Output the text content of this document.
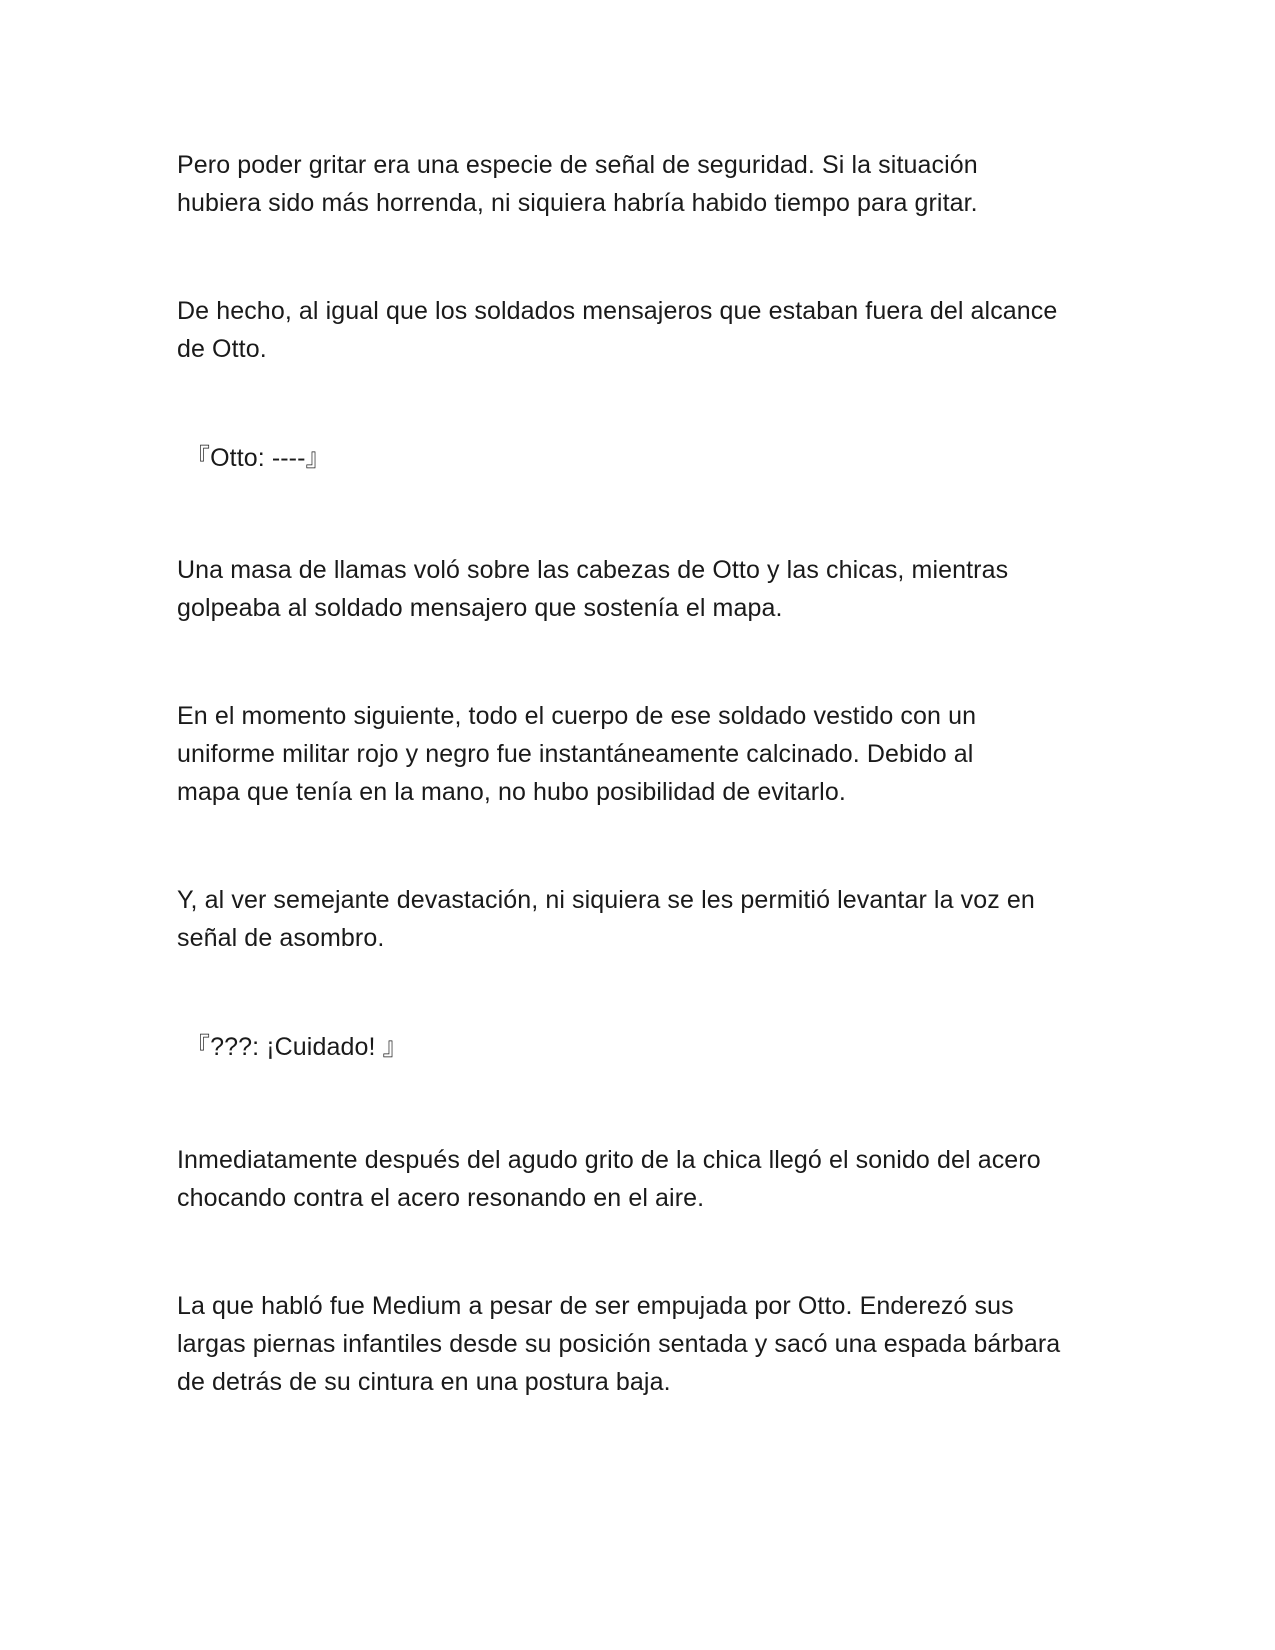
Pero poder gritar era una especie de señal de seguridad. Si la situación
hubiera sido más horrenda, ni siquiera habría habido tiempo para gritar.

De hecho, al igual que los soldados mensajeros que estaban fuera del alcance
de Otto.

『Otto: ----』

Una masa de llamas voló sobre las cabezas de Otto y las chicas, mientras
golpeaba al soldado mensajero que sostenía el mapa.

En el momento siguiente, todo el cuerpo de ese soldado vestido con un
uniforme militar rojo y negro fue instantáneamente calcinado. Debido al
mapa que tenía en la mano, no hubo posibilidad de evitarlo.

Y, al ver semejante devastación, ni siquiera se les permitió levantar la voz en
señal de asombro.

『???: ¡Cuidado! 』

Inmediatamente después del agudo grito de la chica llegó el sonido del acero
chocando contra el acero resonando en el aire.

La que habló fue Medium a pesar de ser empujada por Otto. Enderezó sus
largas piernas infantiles desde su posición sentada y sacó una espada bárbara
de detrás de su cintura en una postura baja.
